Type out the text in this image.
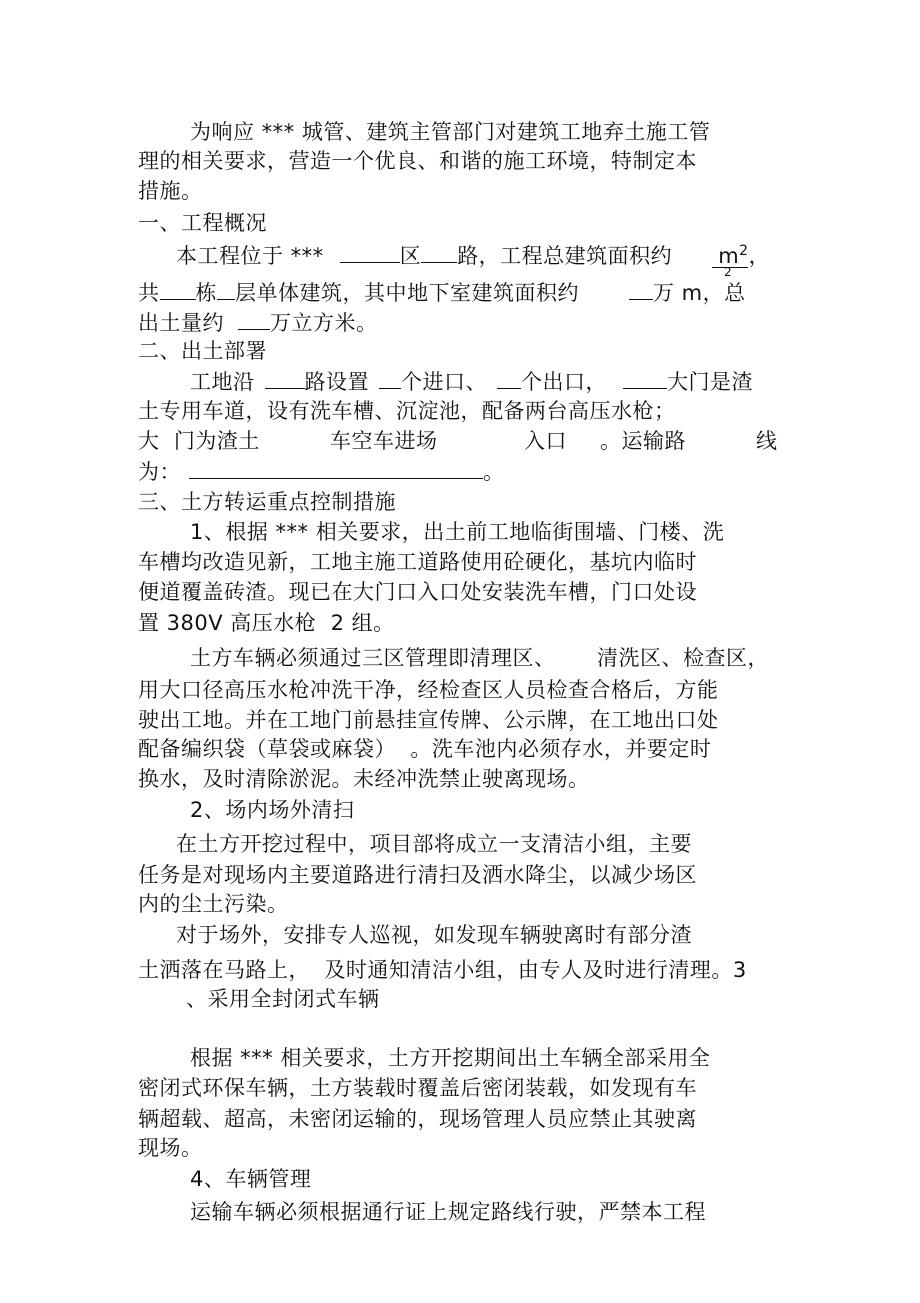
为响应 *** 城管、建筑主管部门对建筑工地弃土施工管
理的相关要求，营造一个优良、和谐的施工环境，特制定本
措施。
一、工程概况
本工程位于 ***	区 路，工程总建筑面积约 $m^2$，
2
共 栋 层单体建筑，其中地下室建筑面积约	万 m，总
出土量约 万立方米。
二、出土部署
工地沿 路设置 个进口、 个出口，	大门是渣
土专用车道，设有洗车槽、沉淀池，配备两台高压水枪；
大  门为渣土	车空车进场	入口 。运输路	线
为：	。
三、土方转运重点控制措施
1、根据 *** 相关要求，出土前工地临街围墙、门楼、洗
车槽均改造见新，工地主施工道路使用砼硬化，基坑内临时
便道覆盖砖渣。现已在大门口入口处安装洗车槽，门口处设
置 380V 高压水枪  2 组。
土方车辆必须通过三区管理即清理区、 清洗区、检查区，
用大口径高压水枪冲洗干净，经检查区人员检查合格后，方能
驶出工地。并在工地门前悬挂宣传牌、公示牌，在工地出口处
配备编织袋（草袋或麻袋）  。洗车池内必须存水，并要定时
换水，及时清除淤泥。未经冲洗禁止驶离现场。
2、场内场外清扫
在土方开挖过程中，项目部将成立一支清洁小组，主要
任务是对现场内主要道路进行清扫及洒水降尘，以减少场区
内的尘土污染。
对于场外，安排专人巡视，如发现车辆驶离时有部分渣
土洒落在马路上，  及时通知清洁小组，由专人及时进行清理。3
、采用全封闭式车辆
根据 *** 相关要求，土方开挖期间出土车辆全部采用全
密闭式环保车辆，土方装载时覆盖后密闭装载，如发现有车
辆超载、超高，未密闭运输的，现场管理人员应禁止其驶离
现场。
4、车辆管理
运输车辆必须根据通行证上规定路线行驶，严禁本工程
